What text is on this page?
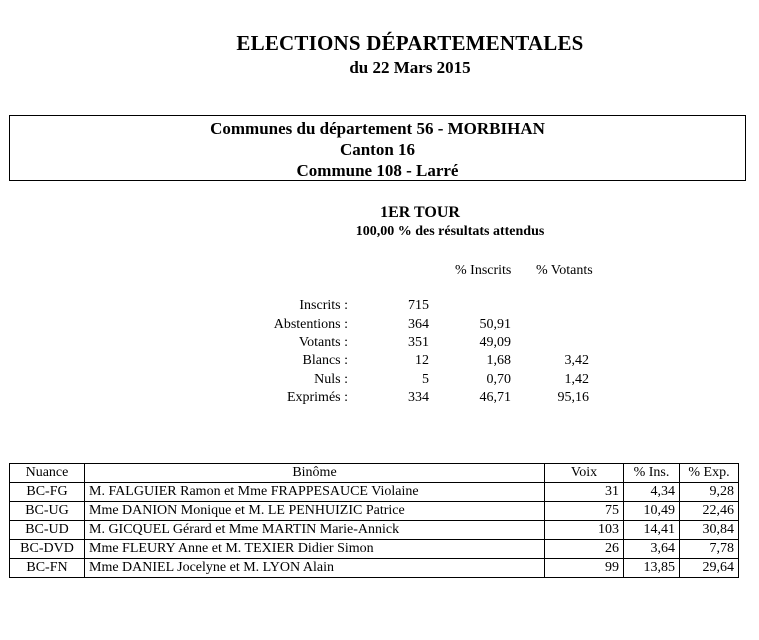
ELECTIONS DÉPARTEMENTALES
du 22 Mars 2015
Communes du département 56 - MORBIHAN
Canton 16
Commune 108 - Larré
1ER TOUR
100,00 % des résultats attendus
% Inscrits % Votants
Inscrits :	715
Abstentions :	364	50,91
Votants :	351	49,09
Blancs :	12	1,68	3,42
Nuls :	5	0,70	1,42
Exprimés :	334	46,71	95,16
Nuance	Binôme	Voix	% Ins.	% Exp.
BC-FG	M. FALGUIER Ramon et Mme FRAPPESAUCE Violaine	31	4,34	9,28
BC-UG	Mme DANION Monique et M. LE PENHUIZIC Patrice	75	10,49	22,46
BC-UD	M. GICQUEL Gérard et Mme MARTIN Marie-Annick	103	14,41	30,84
BC-DVD	Mme FLEURY Anne et M. TEXIER Didier Simon	26	3,64	7,78
BC-FN	Mme DANIEL Jocelyne et M. LYON Alain	99	13,85	29,64
